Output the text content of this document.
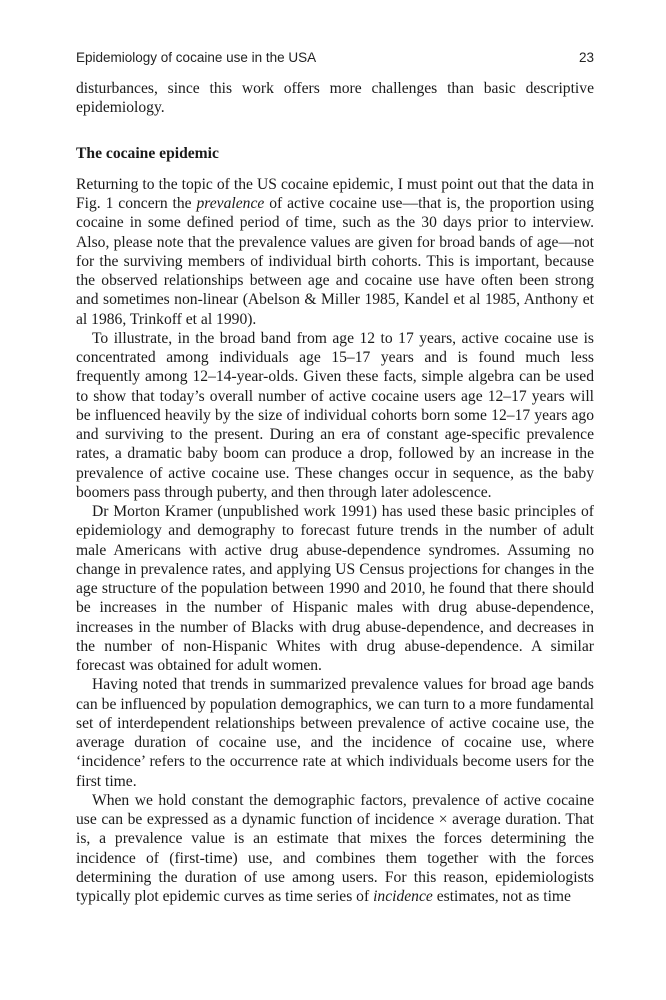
Epidemiology of cocaine use in the USA	23

disturbances, since this work offers more challenges than basic descriptive epidemiology.

The cocaine epidemic

Returning to the topic of the US cocaine epidemic, I must point out that the data in Fig. 1 concern the prevalence of active cocaine use—that is, the proportion using cocaine in some defined period of time, such as the 30 days prior to interview. Also, please note that the prevalence values are given for broad bands of age—not for the surviving members of individual birth cohorts. This is important, because the observed relationships between age and cocaine use have often been strong and sometimes non-linear (Abelson & Miller 1985, Kandel et al 1985, Anthony et al 1986, Trinkoff et al 1990).

To illustrate, in the broad band from age 12 to 17 years, active cocaine use is concentrated among individuals age 15–17 years and is found much less frequently among 12–14-year-olds. Given these facts, simple algebra can be used to show that today’s overall number of active cocaine users age 12–17 years will be influenced heavily by the size of individual cohorts born some 12–17 years ago and surviving to the present. During an era of constant age-specific prevalence rates, a dramatic baby boom can produce a drop, followed by an increase in the prevalence of active cocaine use. These changes occur in sequence, as the baby boomers pass through puberty, and then through later adolescence.

Dr Morton Kramer (unpublished work 1991) has used these basic principles of epidemiology and demography to forecast future trends in the number of adult male Americans with active drug abuse-dependence syndromes. Assuming no change in prevalence rates, and applying US Census projections for changes in the age structure of the population between 1990 and 2010, he found that there should be increases in the number of Hispanic males with drug abuse-dependence, increases in the number of Blacks with drug abuse-dependence, and decreases in the number of non-Hispanic Whites with drug abuse-dependence. A similar forecast was obtained for adult women.

Having noted that trends in summarized prevalence values for broad age bands can be influenced by population demographics, we can turn to a more fundamental set of interdependent relationships between prevalence of active cocaine use, the average duration of cocaine use, and the incidence of cocaine use, where ‘incidence’ refers to the occurrence rate at which individuals become users for the first time.

When we hold constant the demographic factors, prevalence of active cocaine use can be expressed as a dynamic function of incidence × average duration. That is, a prevalence value is an estimate that mixes the forces determining the incidence of (first-time) use, and combines them together with the forces determining the duration of use among users. For this reason, epidemiologists typically plot epidemic curves as time series of incidence estimates, not as time
